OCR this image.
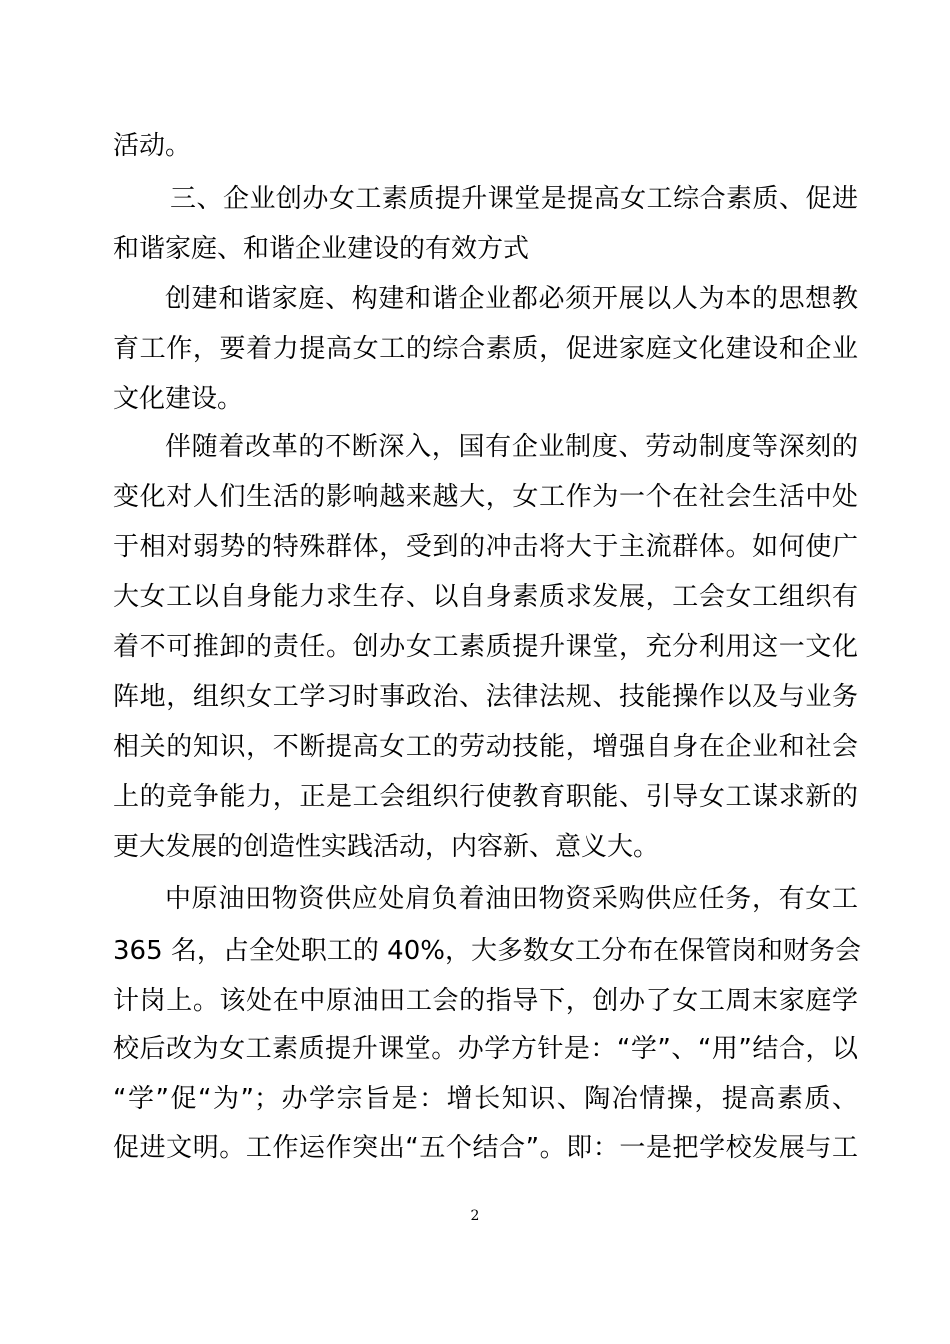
活动。
三、企业创办女工素质提升课堂是提高女工综合素质、促进
和谐家庭、和谐企业建设的有效方式
创建和谐家庭、构建和谐企业都必须开展以人为本的思想教
育工作，要着力提高女工的综合素质，促进家庭文化建设和企业
文化建设。
伴随着改革的不断深入，国有企业制度、劳动制度等深刻的
变化对人们生活的影响越来越大，女工作为一个在社会生活中处
于相对弱势的特殊群体，受到的冲击将大于主流群体。如何使广
大女工以自身能力求生存、以自身素质求发展，工会女工组织有
着不可推卸的责任。创办女工素质提升课堂，充分利用这一文化
阵地，组织女工学习时事政治、法律法规、技能操作以及与业务
相关的知识，不断提高女工的劳动技能，增强自身在企业和社会
上的竞争能力，正是工会组织行使教育职能、引导女工谋求新的
更大发展的创造性实践活动，内容新、意义大。
中原油田物资供应处肩负着油田物资采购供应任务，有女工
365 名，占全处职工的 40%，大多数女工分布在保管岗和财务会
计岗上。该处在中原油田工会的指导下，创办了女工周末家庭学
校后改为女工素质提升课堂。办学方针是：“学”、“用”结合，以
“学”促“为”；办学宗旨是：增长知识、陶冶情操，提高素质、
促进文明。工作运作突出“五个结合”。即：一是把学校发展与工
2
